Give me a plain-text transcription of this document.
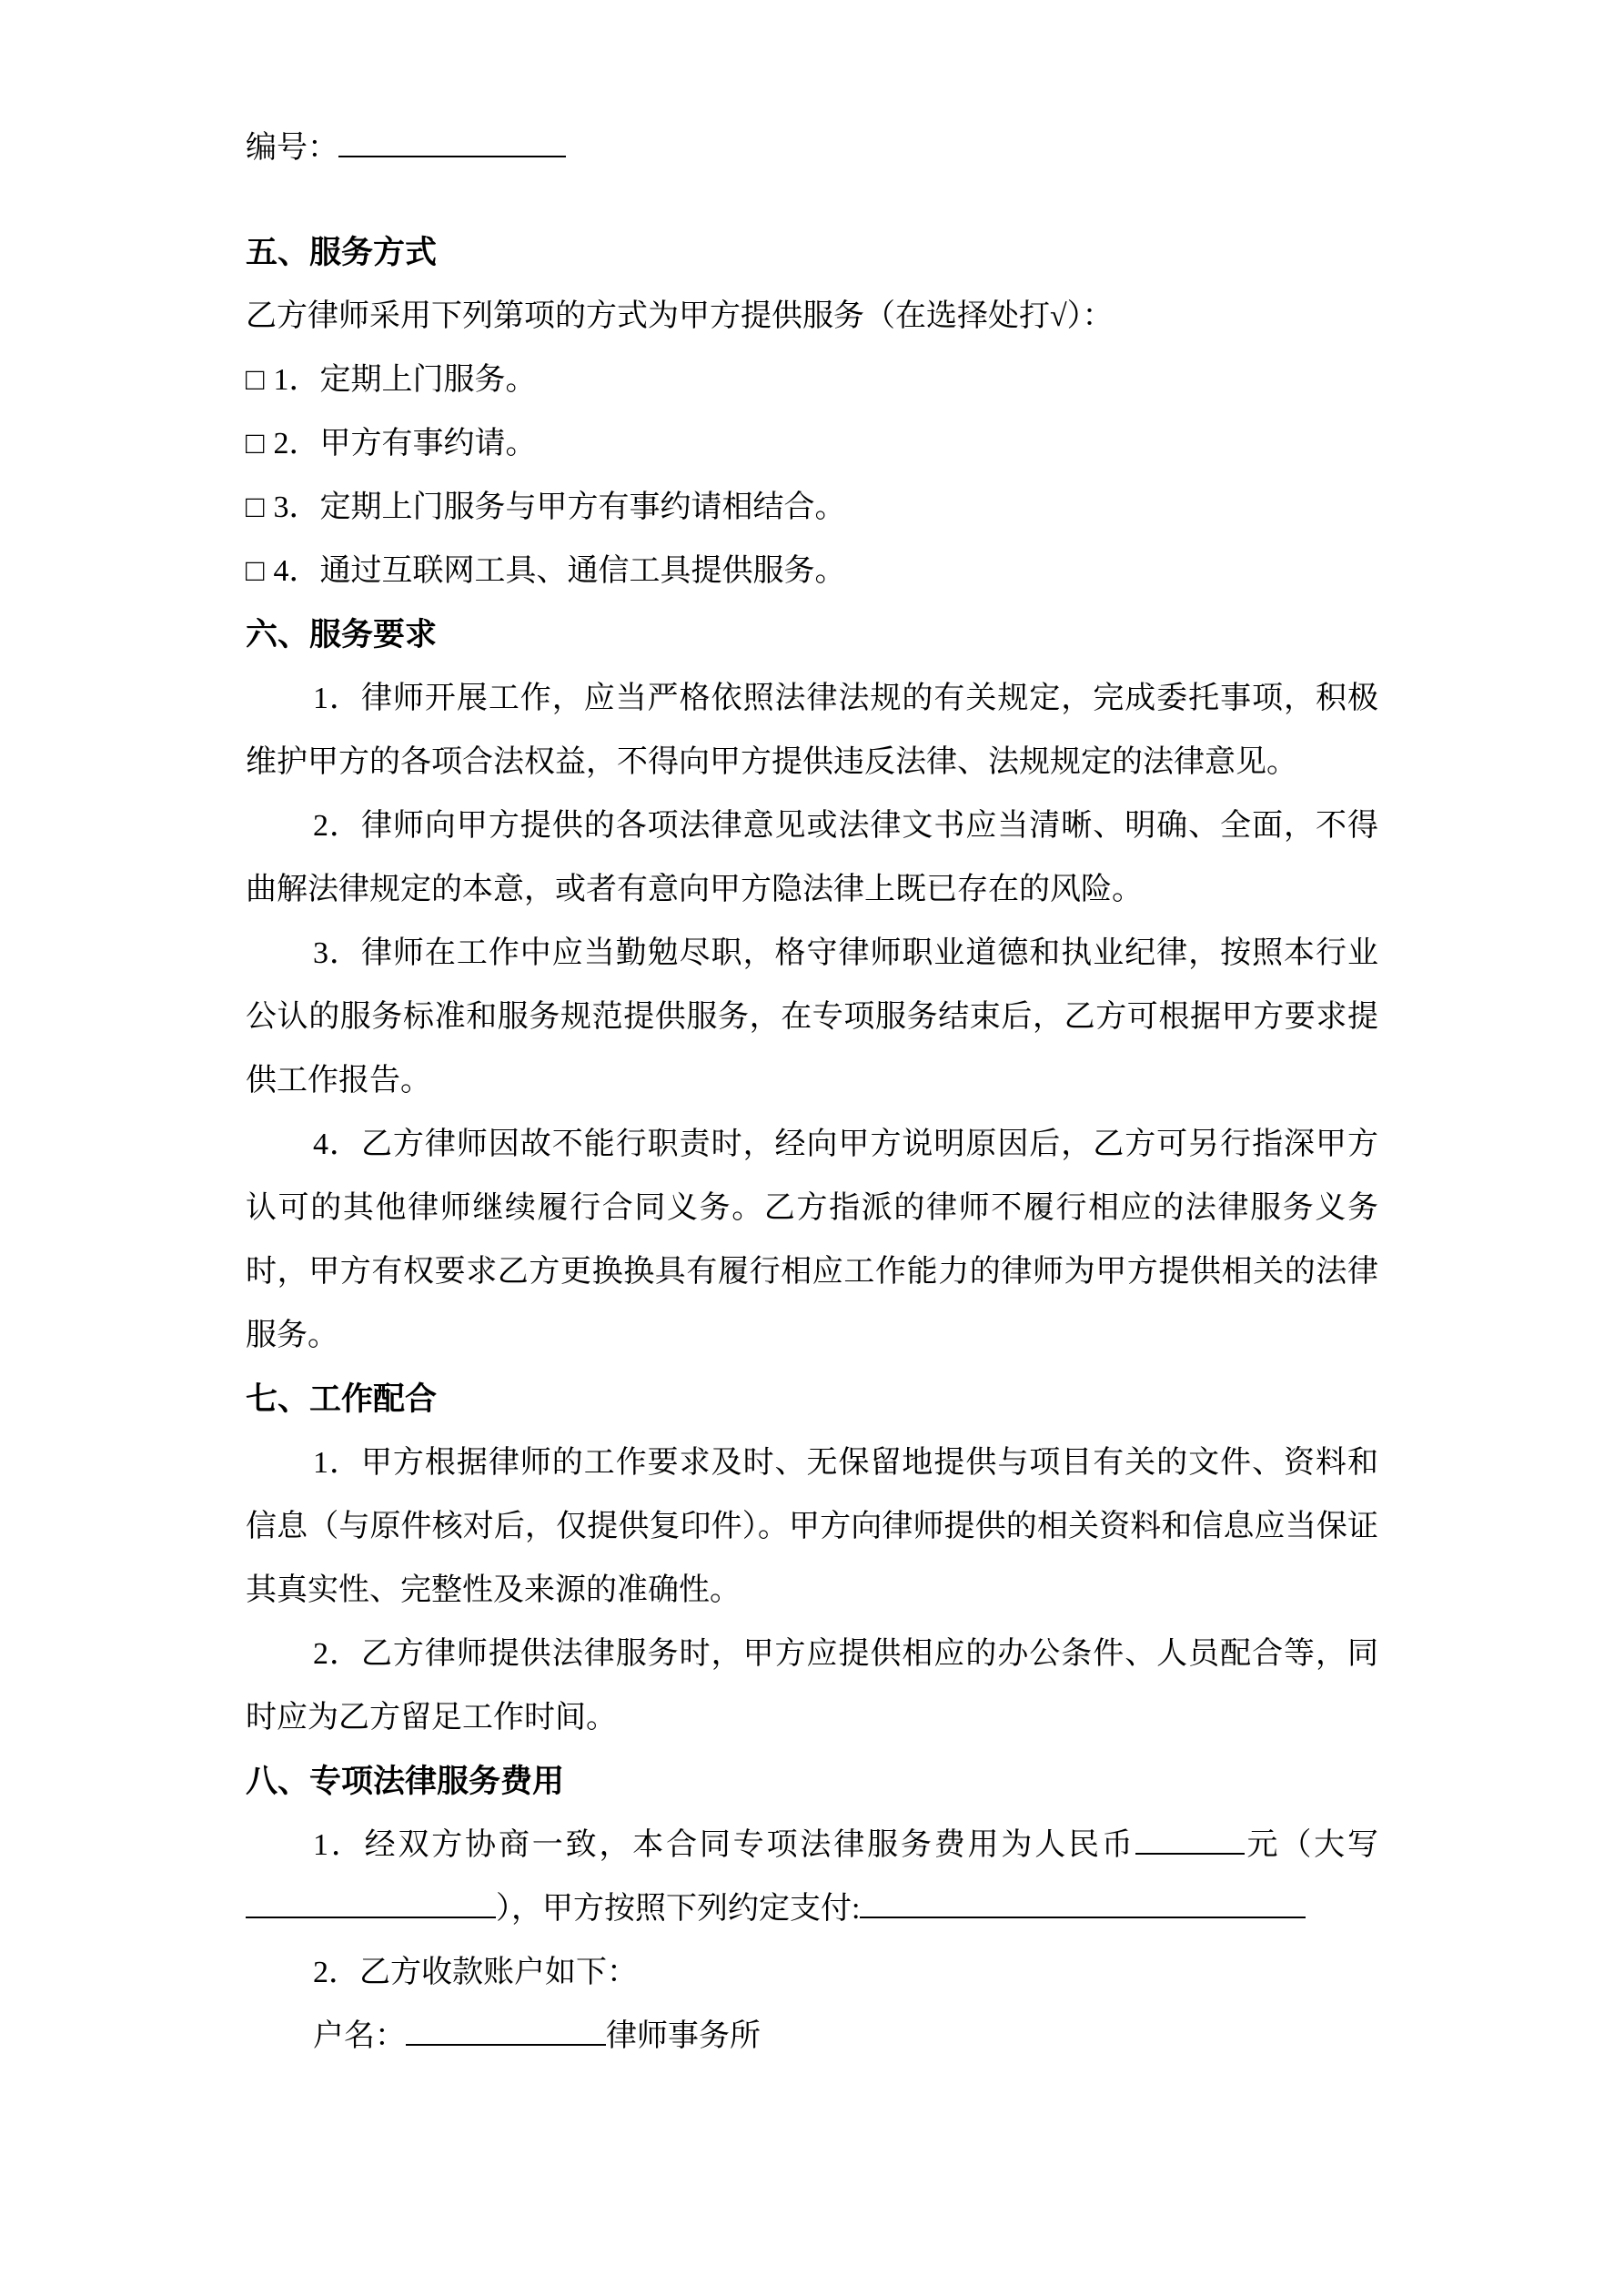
编号：

五、服务方式

乙方律师采用下列第项的方式为甲方提供服务（在选择处打√）：

□ 1．定期上门服务。

□ 2．甲方有事约请。

□ 3．定期上门服务与甲方有事约请相结合。

□ 4．通过互联网工具、通信工具提供服务。

六、服务要求

1．律师开展工作，应当严格依照法律法规的有关规定，完成委托事项，积极维护甲方的各项合法权益，不得向甲方提供违反法律、法规规定的法律意见。

2．律师向甲方提供的各项法律意见或法律文书应当清晰、明确、全面，不得曲解法律规定的本意，或者有意向甲方隐法律上既已存在的风险。

3．律师在工作中应当勤勉尽职，格守律师职业道德和执业纪律，按照本行业公认的服务标准和服务规范提供服务，在专项服务结束后，乙方可根据甲方要求提供工作报告。

4．乙方律师因故不能行职责时，经向甲方说明原因后，乙方可另行指深甲方认可的其他律师继续履行合同义务。乙方指派的律师不履行相应的法律服务义务时，甲方有权要求乙方更换换具有履行相应工作能力的律师为甲方提供相关的法律服务。

七、工作配合

1．甲方根据律师的工作要求及时、无保留地提供与项目有关的文件、资料和信息（与原件核对后，仅提供复印件）。甲方向律师提供的相关资料和信息应当保证其真实性、完整性及来源的准确性。

2．乙方律师提供法律服务时，甲方应提供相应的办公条件、人员配合等，同时应为乙方留足工作时间。

八、专项法律服务费用

1．经双方协商一致，本合同专项法律服务费用为人民币	元（大写），甲方按照下列约定支付:

2．乙方收款账户如下：

户名：	律师事务所
